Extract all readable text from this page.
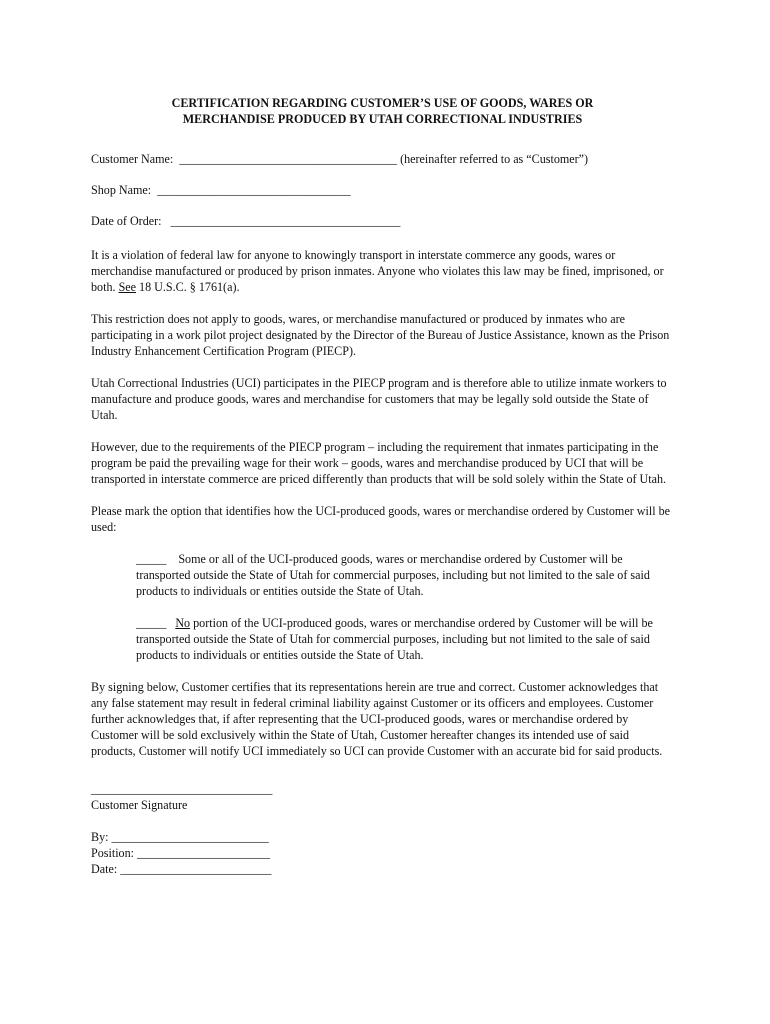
CERTIFICATION REGARDING CUSTOMER’S USE OF GOODS, WARES OR
MERCHANDISE PRODUCED BY UTAH CORRECTIONAL INDUSTRIES
Customer Name: ____________________________________ (hereinafter referred to as “Customer”)
Shop Name: ________________________________
Date of Order: ______________________________________

It is a violation of federal law for anyone to knowingly transport in interstate commerce any goods, wares or merchandise manufactured or produced by prison inmates. Anyone who violates this law may be fined, imprisoned, or both. See 18 U.S.C. § 1761(a).

This restriction does not apply to goods, wares, or merchandise manufactured or produced by inmates who are participating in a work pilot project designated by the Director of the Bureau of Justice Assistance, known as the Prison Industry Enhancement Certification Program (PIECP).

Utah Correctional Industries (UCI) participates in the PIECP program and is therefore able to utilize inmate workers to manufacture and produce goods, wares and merchandise for customers that may be legally sold outside the State of Utah.

However, due to the requirements of the PIECP program – including the requirement that inmates participating in the program be paid the prevailing wage for their work – goods, wares and merchandise produced by UCI that will be transported in interstate commerce are priced differently than products that will be sold solely within the State of Utah.

Please mark the option that identifies how the UCI-produced goods, wares or merchandise ordered by Customer will be used:

_____ Some or all of the UCI-produced goods, wares or merchandise ordered by Customer will be transported outside the State of Utah for commercial purposes, including but not limited to the sale of said products to individuals or entities outside the State of Utah.
_____ No portion of the UCI-produced goods, wares or merchandise ordered by Customer will be will be transported outside the State of Utah for commercial purposes, including but not limited to the sale of said products to individuals or entities outside the State of Utah.

By signing below, Customer certifies that its representations herein are true and correct. Customer acknowledges that any false statement may result in federal criminal liability against Customer or its officers and employees. Customer further acknowledges that, if after representing that the UCI-produced goods, wares or merchandise ordered by Customer will be sold exclusively within the State of Utah, Customer hereafter changes its intended use of said products, Customer will notify UCI immediately so UCI can provide Customer with an accurate bid for said products.

______________________________
Customer Signature
By: __________________________
Position: ______________________
Date: _________________________
